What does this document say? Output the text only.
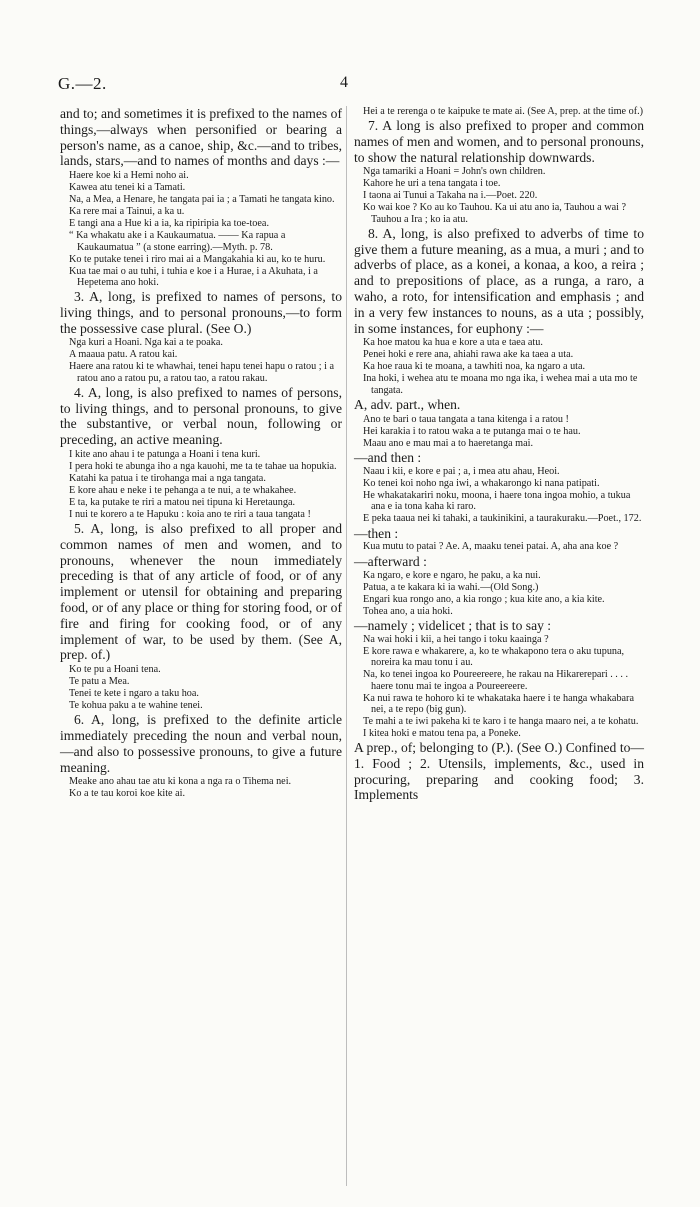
G.—2.	4

and to; and sometimes it is prefixed to the names of things,—always when personified or bearing a person's name, as a canoe, ship, &c.—and to tribes, lands, stars,—and to names of months and days :—

Haere koe ki a Hemi noho ai.

Kawea atu tenei ki a Tamati.

Na, a Mea, a Henare, he tangata pai ia ; a Tamati he tangata kino.

Ka rere mai a Tainui, a ka u.

E tangi ana a Hue ki a ia, ka ripiripia ka toe-toea.

“ Ka whakatu ake i a Kaukaumatua. —— Ka rapua a Kaukaumatua ” (a stone earring).—Myth. p. 78.

Ko te putake tenei i riro mai ai a Mangakahia ki au, ko te huru.

Kua tae mai o au tuhi, i tuhia e koe i a Hurae, i a Akuhata, i a Hepetema ano hoki.

3. A, long, is prefixed to names of persons, to living things, and to personal pronouns,—to form the possessive case plural. (See O.)

Nga kuri a Hoani. Nga kai a te poaka.

A maaua patu. A ratou kai.

Haere ana ratou ki te whawhai, tenei hapu tenei hapu o ratou ; i a ratou ano a ratou pu, a ratou tao, a ratou rakau.

4. A, long, is also prefixed to names of persons, to living things, and to personal pronouns, to give the substantive, or verbal noun, following or preceding, an active meaning.

I kite ano ahau i te patunga a Hoani i tena kuri.

I pera hoki te abunga iho a nga kauohi, me ta te tahae ua hopukia.

Katahi ka patua i te tirohanga mai a nga tangata.

E kore ahau e neke i te pehanga a te nui, a te whakahee.

E ta, ka putake te riri a matou nei tipuna ki Heretaunga.

I nui te korero a te Hapuku : koia ano te riri a taua tangata !

5. A, long, is also prefixed to all proper and common names of men and women, and to pronouns, whenever the noun immediately preceding is that of any article of food, or of any implement or utensil for obtaining and preparing food, or of any place or thing for storing food, or of fire and firing for cooking food, or of any implement of war, to be used by them. (See A, prep. of.)

Ko te pu a Hoani tena.

Te patu a Mea.

Tenei te kete i ngaro a taku hoa.

Te kohua paku a te wahine tenei.

6. A, long, is prefixed to the definite article immediately preceding the noun and verbal noun,—and also to possessive pronouns, to give a future meaning.

Meake ano ahau tae atu ki kona a nga ra o Tihema nei.

Ko a te tau koroi koe kite ai.

Hei a te rerenga o te kaipuke te mate ai. (See A, prep. at the time of.)

7. A long is also prefixed to proper and common names of men and women, and to personal pronouns, to show the natural relationship downwards.

Nga tamariki a Hoani = John's own children.

Kahore he uri a tena tangata i toe.

I taona ai Tunui a Takaha na i.—Poet. 220.

Ko wai koe ? Ko au ko Tauhou. Ka ui atu ano ia, Tauhou a wai ? Tauhou a Ira ; ko ia atu.

8. A, long, is also prefixed to adverbs of time to give them a future meaning, as a mua, a muri ; and to adverbs of place, as a konei, a konaa, a koo, a reira ; and to prepositions of place, as a runga, a raro, a waho, a roto, for intensification and emphasis ; and in a very few instances to nouns, as a uta ; possibly, in some instances, for euphony :—

Ka hoe matou ka hua e kore a uta e taea atu.

Penei hoki e rere ana, ahiahi rawa ake ka taea a uta.

Ka hoe raua ki te moana, a tawhiti noa, ka ngaro a uta.

Ina hoki, i wehea atu te moana mo nga ika, i wehea mai a uta mo te tangata.

A, adv. part., when.

Ano te bari o taua tangata a tana kitenga i a ratou !

Hei karakia i to ratou waka a te putanga mai o te hau.

Maau ano e mau mai a to haeretanga mai.

—and then :

Naau i kii, e kore e pai ; a, i mea atu ahau, Heoi.

Ko tenei koi noho nga iwi, a whakarongo ki nana patipati.

He whakatakariri noku, moona, i haere tona ingoa mohio, a tukua ana e ia tona kaha ki raro.

E peka taaua nei ki tahaki, a taukinikini, a taurakuraku.—Poet., 172.

—then :

Kua mutu to patai ? Ae. A, maaku tenei patai. A, aha ana koe ?

—afterward :

Ka ngaro, e kore e ngaro, he paku, a ka nui.

Patua, a te kakara ki ia wahi.—(Old Song.)

Engari kua rongo ano, a kia rongo ; kua kite ano, a kia kite.

Tohea ano, a uia hoki.

—namely ; videlicet ; that is to say :

Na wai hoki i kii, a hei tango i toku kaainga ?

E kore rawa e whakarere, a, ko te whakapono tera o aku tupuna, noreira ka mau tonu i au.

Na, ko tenei ingoa ko Poureereere, he rakau na Hikarerepari . . . . haere tonu mai te ingoa a Poureereere.

Ka nui rawa te hohoro ki te whakataka haere i te hanga whakabara nei, a te repo (big gun).

Te mahi a te iwi pakeha ki te karo i te hanga maaro nei, a te kohatu.

I kitea hoki e matou tena pa, a Poneke.

A prep., of; belonging to (P.). (See O.) Confined to—1. Food ; 2. Utensils, implements, &c., used in procuring, preparing and cooking food; 3. Implements
